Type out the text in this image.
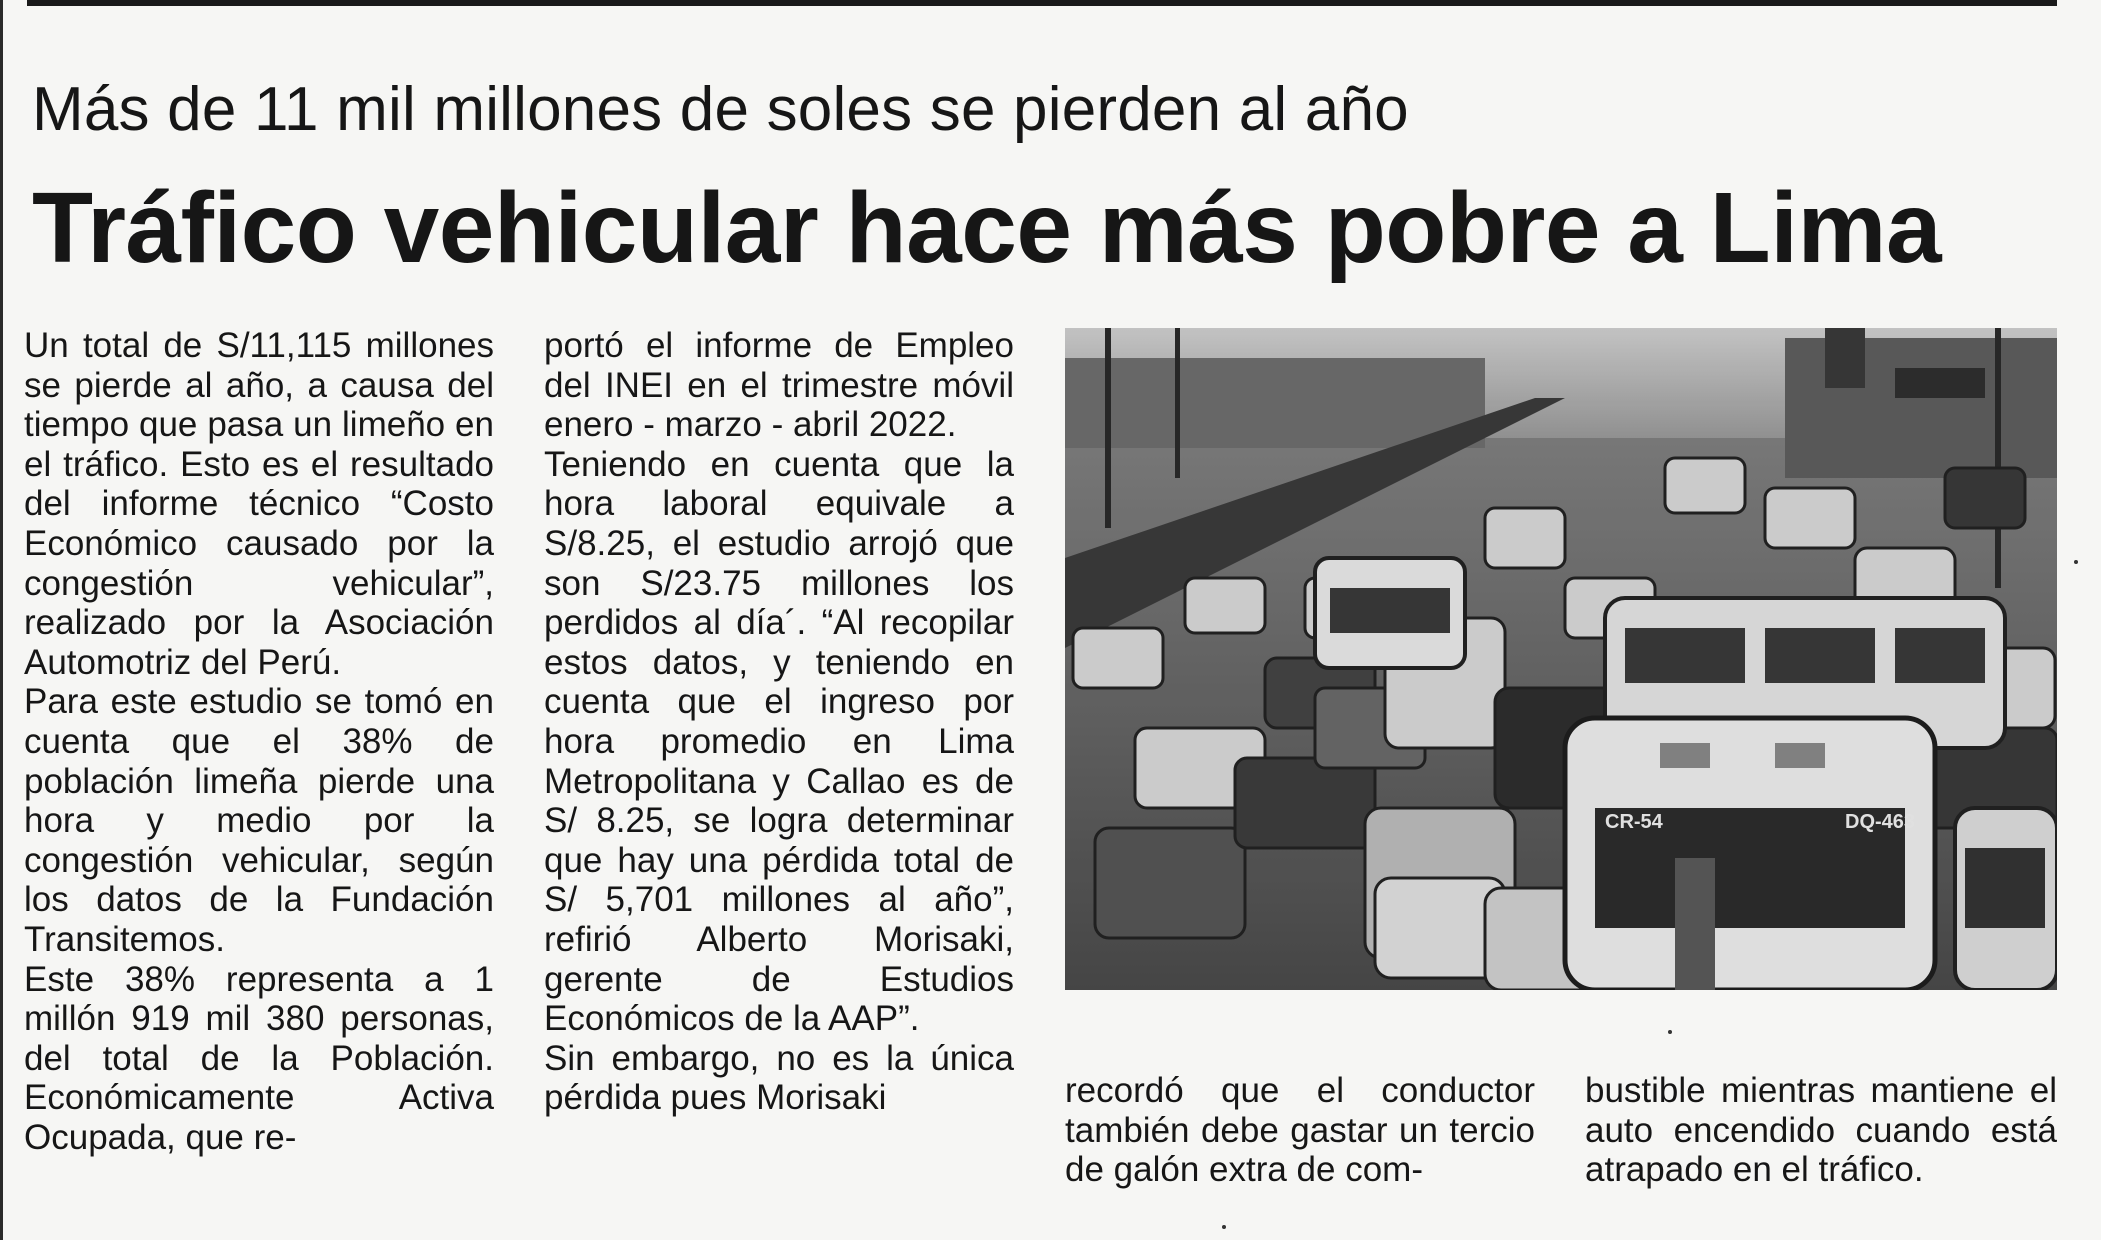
Más de 11 mil millones de soles se pierden al año
Tráfico vehicular hace más pobre a Lima

Un total de S/11,115 millones se pierde al año, a causa del tiempo que pasa un limeño en el tráfico. Esto es el resultado del informe técnico “Costo Económico causado por la congestión vehicular”, realizado por la Asociación Automotriz del Perú.

Para este estudio se tomó en cuenta que el 38% de población limeña pierde una hora y medio por la congestión vehicular, según los datos de la Fundación Transitemos.

Este 38% representa a 1 millón 919 mil 380 personas, del total de la Población. Económicamente Activa Ocupada, que re-

portó el informe de Empleo del INEI en el trimestre móvil enero - marzo - abril 2022.

Teniendo en cuenta que la hora laboral equivale a S/8.25, el estudio arrojó que son S/23.75 millones los perdidos al día´. “Al recopilar estos datos, y teniendo en cuenta que el ingreso por hora promedio en Lima Metropolitana y Callao es de S/ 8.25, se logra determinar que hay una pérdida total de S/ 5,701 millones al año”, refirió Alberto Morisaki, gerente de Estudios Económicos de la AAP”.

Sin embargo, no es la única pérdida pues Morisaki

CR-54	DQ-463

recordó que el conductor también debe gastar un tercio de galón extra de com-

bustible mientras mantiene el auto encendido cuando está atrapado en el tráfico.
